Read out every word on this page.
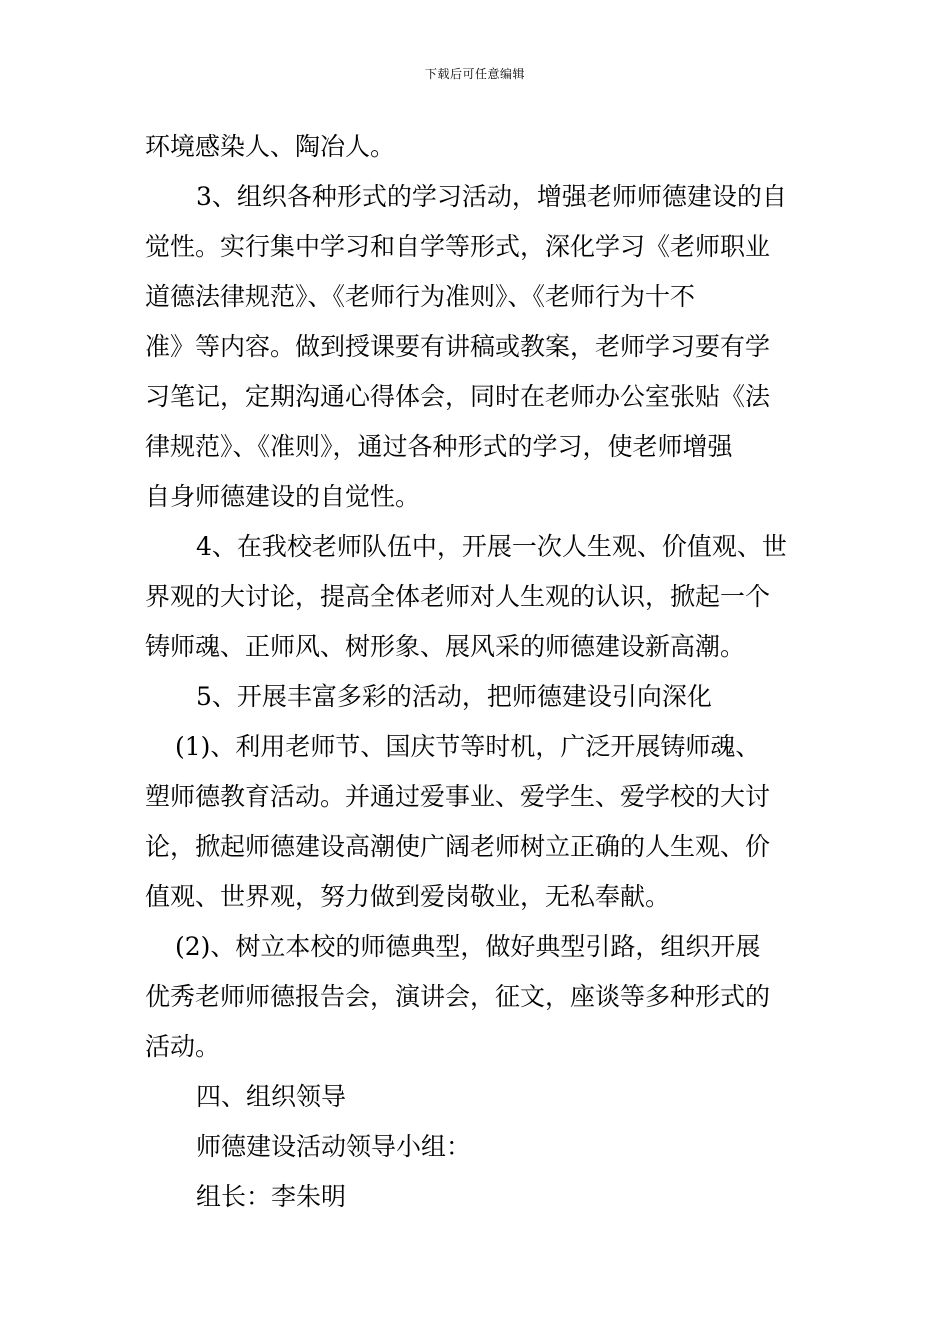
下载后可任意编辑
环境感染人、陶冶人。
3、组织各种形式的学习活动，增强老师师德建设的自
觉性。实行集中学习和自学等形式，深化学习《老师职业
道德法律规范》、《老师行为准则》、《老师行为十不
准》等内容。做到授课要有讲稿或教案，老师学习要有学
习笔记，定期沟通心得体会，同时在老师办公室张贴《法
律规范》、《准则》，通过各种形式的学习，使老师增强
自身师德建设的自觉性。
4、在我校老师队伍中，开展一次人生观、价值观、世
界观的大讨论，提高全体老师对人生观的认识，掀起一个
铸师魂、正师风、树形象、展风采的师德建设新高潮。
5、开展丰富多彩的活动，把师德建设引向深化
(1)、利用老师节、国庆节等时机，广泛开展铸师魂、
塑师德教育活动。并通过爱事业、爱学生、爱学校的大讨
论，掀起师德建设高潮使广阔老师树立正确的人生观、价
值观、世界观，努力做到爱岗敬业，无私奉献。
(2)、树立本校的师德典型，做好典型引路，组织开展
优秀老师师德报告会，演讲会，征文，座谈等多种形式的
活动。
四、组织领导
师德建设活动领导小组：
组长：李朱明
